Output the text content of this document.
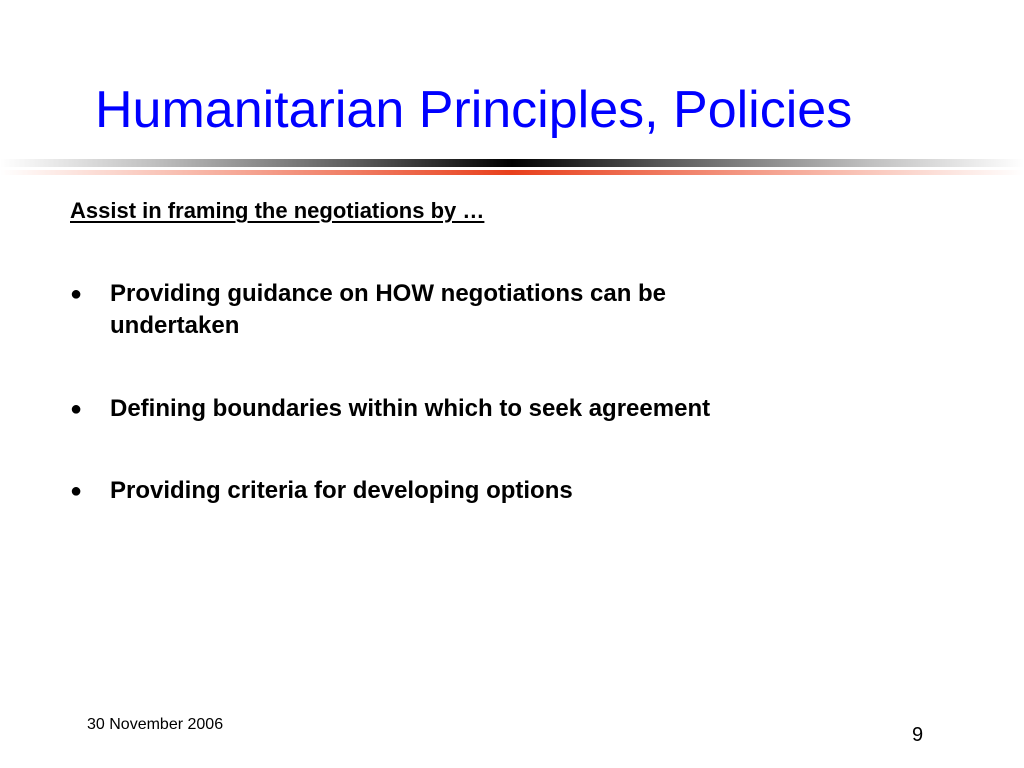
Humanitarian Principles, Policies

Assist in framing the negotiations by …

●	Providing guidance on HOW negotiations can be undertaken
●	Defining boundaries within which to seek agreement
●	Providing criteria for developing options
30 November 2006	9
